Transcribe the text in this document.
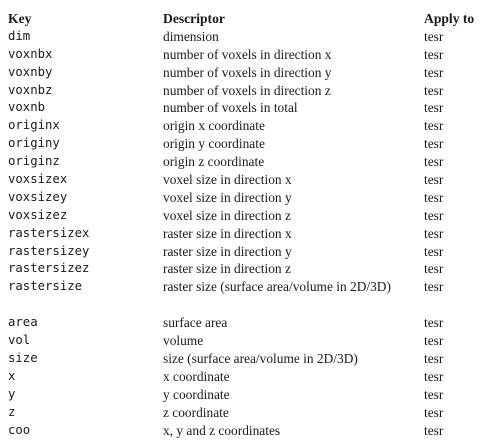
Key	Descriptor	Apply to
dim	dimension	tesr
voxnbx	number of voxels in direction x	tesr
voxnby	number of voxels in direction y	tesr
voxnbz	number of voxels in direction z	tesr
voxnb	number of voxels in total	tesr
originx	origin x coordinate	tesr
originy	origin y coordinate	tesr
originz	origin z coordinate	tesr
voxsizex	voxel size in direction x	tesr
voxsizey	voxel size in direction y	tesr
voxsizez	voxel size in direction z	tesr
rastersizex	raster size in direction x	tesr
rastersizey	raster size in direction y	tesr
rastersizez	raster size in direction z	tesr
rastersize	raster size (surface area/volume in 2D/3D)	tesr
area	surface area	tesr
vol	volume	tesr
size	size (surface area/volume in 2D/3D)	tesr
x	x coordinate	tesr
y	y coordinate	tesr
z	z coordinate	tesr
coo	x, y and z coordinates	tesr
